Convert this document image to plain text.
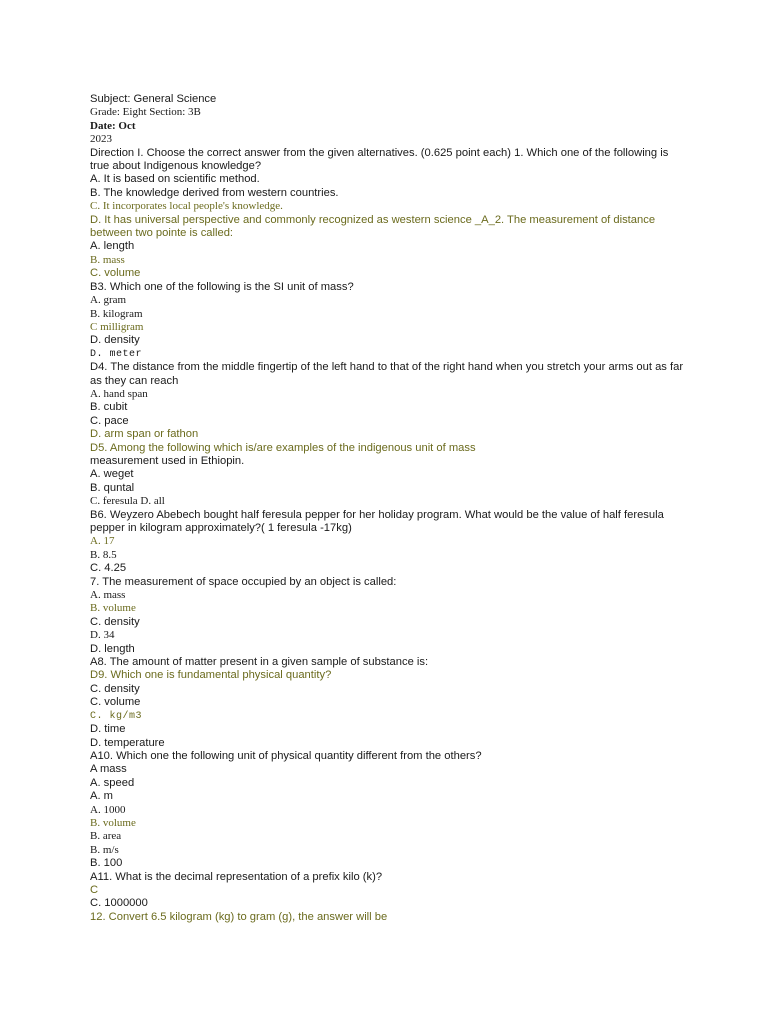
Subject: General Science
Grade: Eight Section: 3B
Date: Oct
2023
Direction I. Choose the correct answer from the given alternatives. (0.625 point each) 1. Which one of the following is true about Indigenous knowledge?
A. It is based on scientific method.
B. The knowledge derived from western countries.
C. It incorporates local people's knowledge.
D. It has universal perspective and commonly recognized as western science _A_2. The measurement of distance between two pointe is called:
A. length
B. mass
C. volume
B3. Which one of the following is the SI unit of mass?
A. gram
B. kilogram
C milligram
D. density
D. meter
D4. The distance from the middle fingertip of the left hand to that of the right hand when you stretch your arms out as far as they can reach
A. hand span
B. cubit
C. pace
D. arm span or fathon
D5. Among the following which is/are examples of the indigenous unit of mass
measurement used in Ethiopin.
A. weget
B. quntal
C. feresula D. all
B6. Weyzero Abebech bought half feresula pepper for her holiday program. What would be the value of half feresula pepper in kilogram approximately?( 1 feresula -17kg)
A. 17
B. 8.5
C. 4.25
7. The measurement of space occupied by an object is called:
A. mass
B. volume
C. density
D. 34
D. length
A8. The amount of matter present in a given sample of substance is:
D9. Which one is fundamental physical quantity?
C. density
C. volume
C. kg/m3
D. time
D. temperature
A10. Which one the following unit of physical quantity different from the others?
A mass
A. speed
A. m
A. 1000
B. volume
B. area
B. m/s
B. 100
A11. What is the decimal representation of a prefix kilo (k)?
C
C. 1000000
12. Convert 6.5 kilogram (kg) to gram (g), the answer will be
